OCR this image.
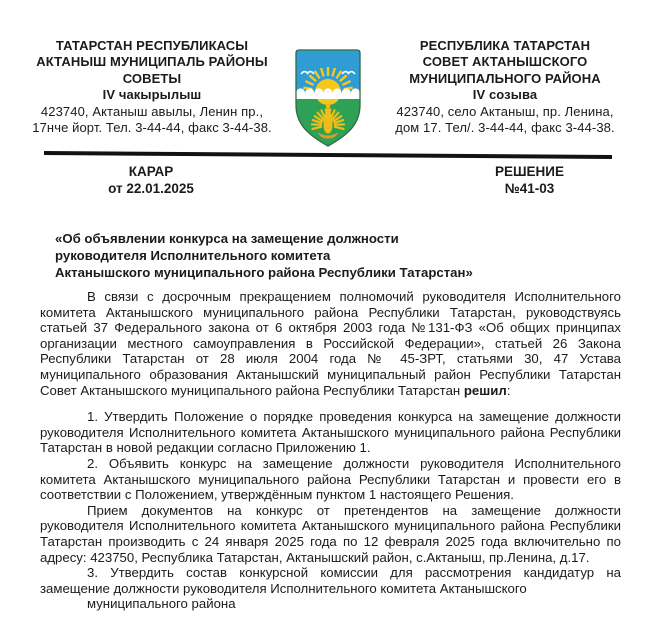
ТАТАРСТАН РЕСПУБЛИКАСЫ
АКТАНЫШ МУНИЦИПАЛЬ РАЙОНЫ
СОВЕТЫ
IV чакырылыш
423740, Актаныш авылы, Ленин пр.,
17нче йорт. Тел. 3-44-44, факс 3-44-38.
РЕСПУБЛИКА ТАТАРСТАН
СОВЕТ АКТАНЫШСКОГО
МУНИЦИПАЛЬНОГО РАЙОНА
IV созыва
423740, село Актаныш, пр. Ленина,
дом 17. Тел/. 3-44-44, факс 3-44-38.
КАРАР
от 22.01.2025
РЕШЕНИЕ
№41-03
«Об объявлении конкурса на замещение должности
руководителя Исполнительного комитета
Актанышского муниципального района Республики Татарстан»

В связи с досрочным прекращением полномочий руководителя Исполнительного комитета Актанышского муниципального района Республики Татарстан, руководствуясь статьей 37 Федерального закона от 6 октября 2003 года №131-ФЗ «Об общих принципах организации местного самоуправления в Российской Федерации», статьей 26 Закона Республики Татарстан от 28 июля 2004 года № 45-ЗРТ, статьями 30, 47 Устава муниципального образования Актанышский муниципальный район Республики Татарстан Совет Актанышского муниципального района Республики Татарстан решил:

1. Утвердить Положение о порядке проведения конкурса на замещение должности руководителя Исполнительного комитета Актанышского муниципального района Республики Татарстан в новой редакции согласно Приложению 1.

2. Объявить конкурс на замещение должности руководителя Исполнительного комитета Актанышского муниципального района Республики Татарстан и провести его в соответствии с Положением, утверждённым пунктом 1 настоящего Решения.

Прием документов на конкурс от претендентов на замещение должности руководителя Исполнительного комитета Актанышского муниципального района Республики Татарстан производить с 24 января 2025 года по 12 февраля 2025 года включительно по адресу: 423750, Республика Татарстан, Актанышский район, с.Актаныш, пр.Ленина, д.17.

3. Утвердить состав конкурсной комиссии для рассмотрения кандидатур на замещение должности руководителя Исполнительного комитета Актанышского

муниципального района
